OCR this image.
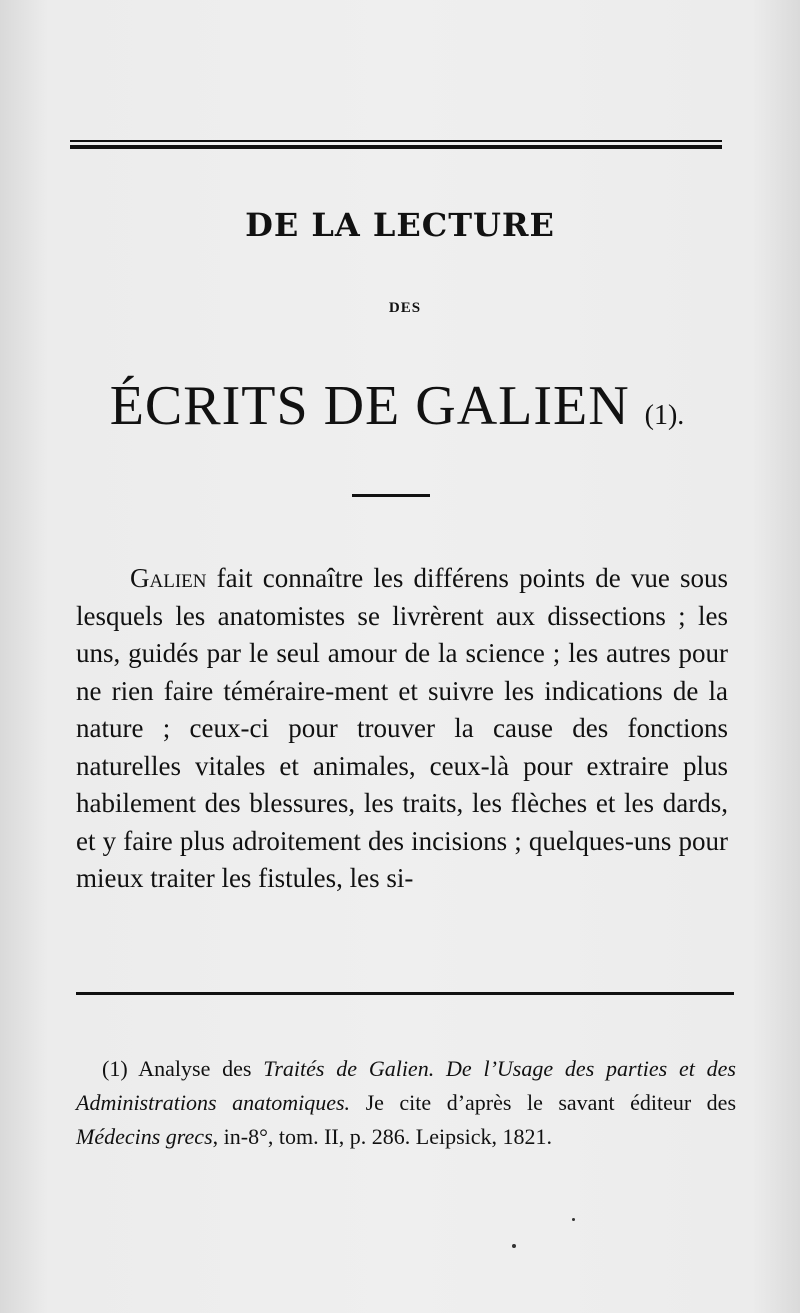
DE LA LECTURE
DES
ÉCRITS DE GALIEN (1).

Galien fait connaître les différens points de vue sous lesquels les anatomistes se livrèrent aux dissections ; les uns, guidés par le seul amour de la science ; les autres pour ne rien faire téméraire-ment et suivre les indications de la nature ; ceux-ci pour trouver la cause des fonctions naturelles vitales et animales, ceux-là pour extraire plus habilement des blessures, les traits, les flèches et les dards, et y faire plus adroitement des incisions ; quelques-uns pour mieux traiter les fistules, les si-

(1) Analyse des Traités de Galien. De l’Usage des parties et des Administrations anatomiques. Je cite d’après le savant éditeur des Médecins grecs, in-8°, tom. II, p. 286. Leipsick, 1821.
